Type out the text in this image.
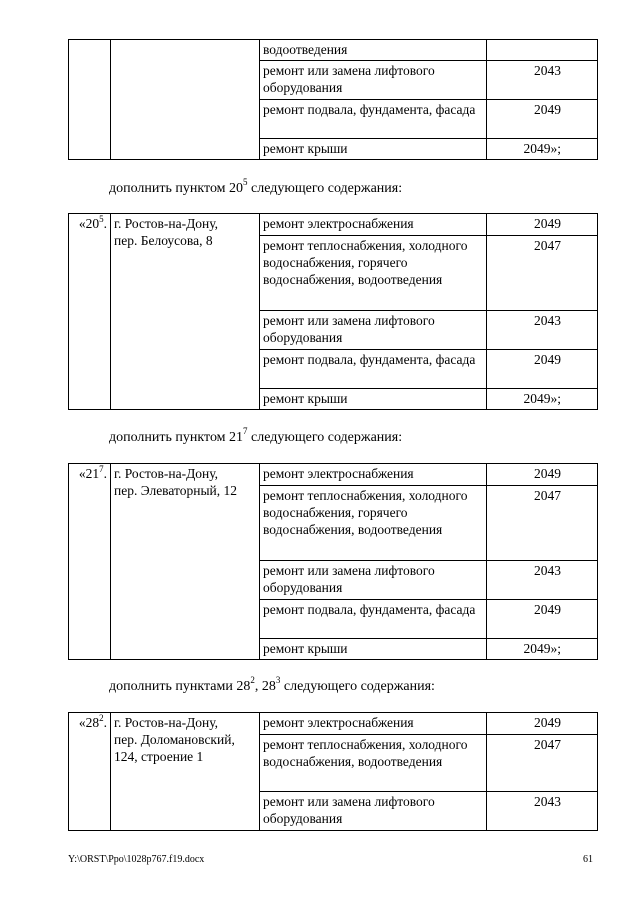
		водоотведения	
		ремонт или замена лифтового оборудования	2043
		ремонт подвала, фундамента, фасада	2049
		ремонт крыши	2049»;
дополнить пунктом $20^5$ следующего содержания:
«$20^5$.	г. Ростов-на-Дону,
пер. Белоусова, 8	ремонт электроснабжения	2049
		ремонт теплоснабжения, холодного водоснабжения, горячего водоснабжения, водоотведения	2047
		ремонт или замена лифтового оборудования	2043
		ремонт подвала, фундамента, фасада	2049
		ремонт крыши	2049»;
дополнить пунктом $21^7$ следующего содержания:
«$21^7$.	г. Ростов-на-Дону,
пер. Элеваторный, 12	ремонт электроснабжения	2049
		ремонт теплоснабжения, холодного водоснабжения, горячего водоснабжения, водоотведения	2047
		ремонт или замена лифтового оборудования	2043
		ремонт подвала, фундамента, фасада	2049
		ремонт крыши	2049»;
дополнить пунктами $28^2$, $28^3$ следующего содержания:
«$28^2$.	г. Ростов-на-Дону,
пер. Доломановский,
124, строение 1	ремонт электроснабжения	2049
		ремонт теплоснабжения, холодного водоснабжения, водоотведения	2047
		ремонт или замена лифтового оборудования	2043
Y:\ORST\Ppo\1028p767.f19.docx	61
